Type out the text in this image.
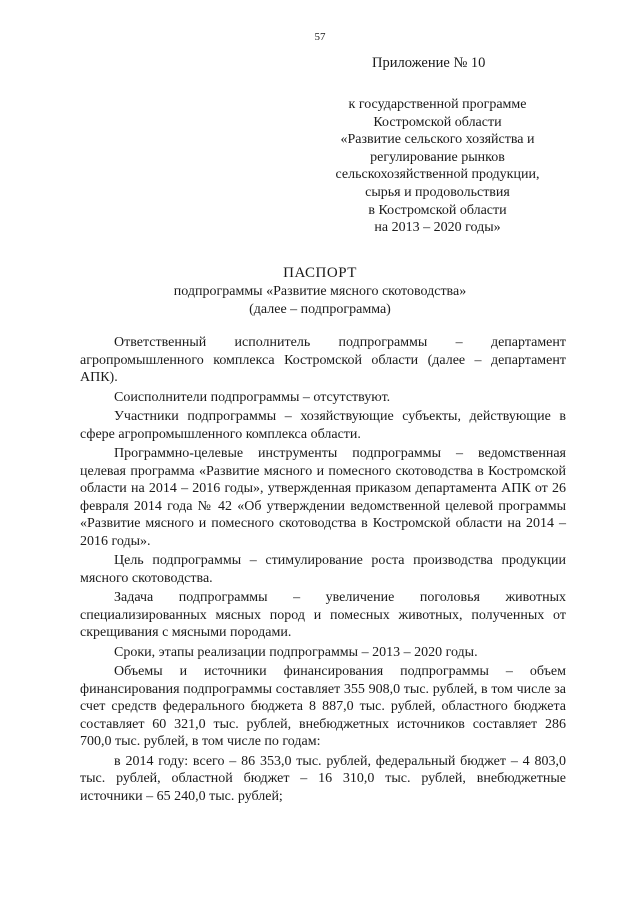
57
Приложение № 10
к государственной программе
Костромской области
«Развитие сельского хозяйства и
регулирование рынков
сельскохозяйственной продукции,
сырья и продовольствия
в Костромской области
на 2013 – 2020 годы»
ПАСПОРТ
подпрограммы «Развитие мясного скотоводства»
(далее – подпрограмма)

Ответственный исполнитель подпрограммы – департамент агропромышленного комплекса Костромской области (далее – департамент АПК).

Соисполнители подпрограммы – отсутствуют.

Участники подпрограммы – хозяйствующие субъекты, действующие в сфере агропромышленного комплекса области.

Программно-целевые инструменты подпрограммы – ведомственная целевая программа «Развитие мясного и помесного скотоводства в Костромской области на 2014 – 2016 годы», утвержденная приказом департамента АПК от 26 февраля 2014 года № 42 «Об утверждении ведомственной целевой программы «Развитие мясного и помесного скотоводства в Костромской области на 2014 – 2016 годы».

Цель подпрограммы – стимулирование роста производства продукции мясного скотоводства.

Задача подпрограммы – увеличение поголовья животных специализированных мясных пород и помесных животных, полученных от скрещивания с мясными породами.

Сроки, этапы реализации подпрограммы – 2013 – 2020 годы.

Объемы и источники финансирования подпрограммы – объем финансирования подпрограммы составляет 355 908,0 тыс. рублей, в том числе за счет средств федерального бюджета 8 887,0 тыс. рублей, областного бюджета составляет 60 321,0 тыс. рублей, внебюджетных источников составляет 286 700,0 тыс. рублей, в том числе по годам:

в 2014 году: всего – 86 353,0 тыс. рублей, федеральный бюджет – 4 803,0 тыс. рублей, областной бюджет – 16 310,0 тыс. рублей, внебюджетные источники – 65 240,0 тыс. рублей;
